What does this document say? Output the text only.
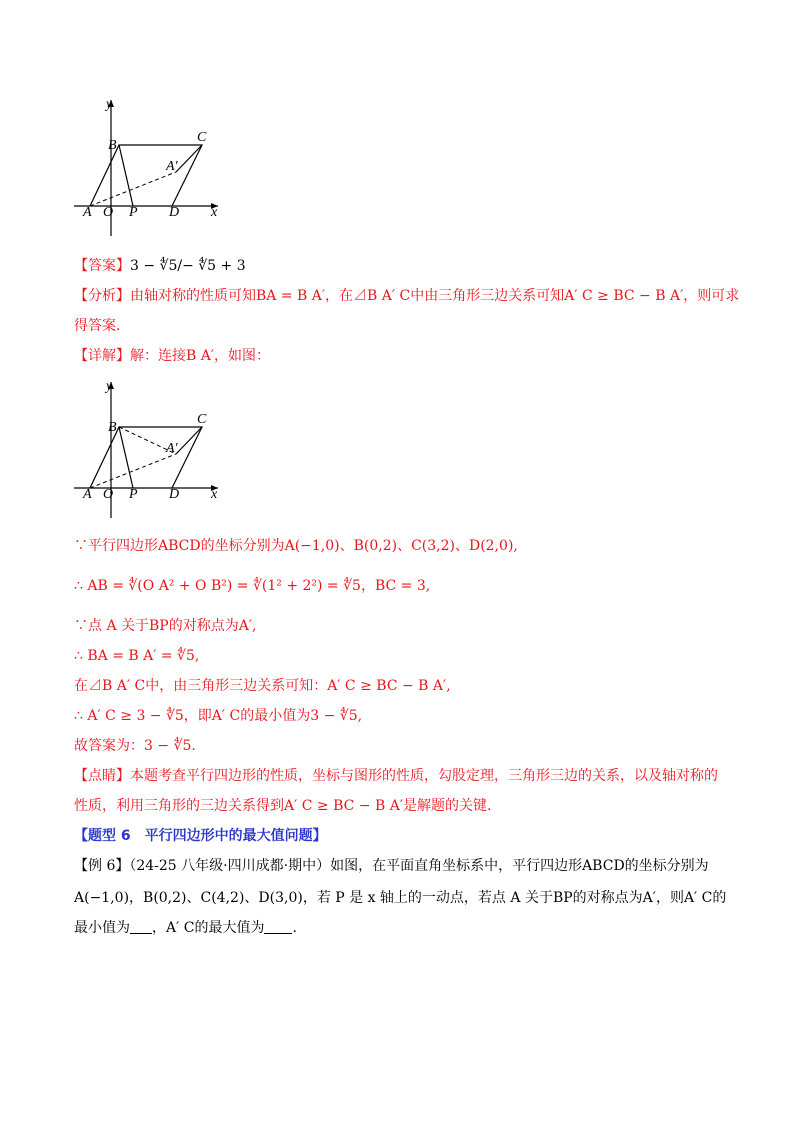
y
x
B
C
A′
A O P D
【答案】3 − ∜5/− ∜5 + 3
【分析】由轴对称的性质可知BA = B A′，在⊿B A′ C中由三角形三边关系可知A′ C ≥ BC − B A′，则可求
得答案.
【详解】解：连接B A′，如图：
y
x
B
C
A′
A O P D
∵平行四边形ABCD的坐标分别为A(−1,0)、B(0,2)、C(3,2)、D(2,0),
∴ AB = ∜(O A² + O B²) = ∜(1² + 2²) = ∜5，BC = 3,
∵点 A 关于BP的对称点为A′,
∴ BA = B A′ = ∜5,
在⊿B A′ C中，由三角形三边关系可知：A′ C ≥ BC − B A′,
∴ A′ C ≥ 3 − ∜5，即A′ C的最小值为3 − ∜5,
故答案为：3 − ∜5.
【点睛】本题考查平行四边形的性质，坐标与图形的性质，勾股定理，三角形三边的关系，以及轴对称的
性质，利用三角形的三边关系得到A′ C ≥ BC − B A′是解题的关键.
【题型 6　平行四边形中的最大值问题】
【例 6】（24-25 八年级·四川成都·期中）如图，在平面直角坐标系中，平行四边形ABCD的坐标分别为
A(−1,0)，B(0,2)、C(4,2)、D(3,0)，若 P 是 x 轴上的一动点，若点 A 关于BP的对称点为A′，则A′ C的
最小值为 ，A′ C的最大值为 .
